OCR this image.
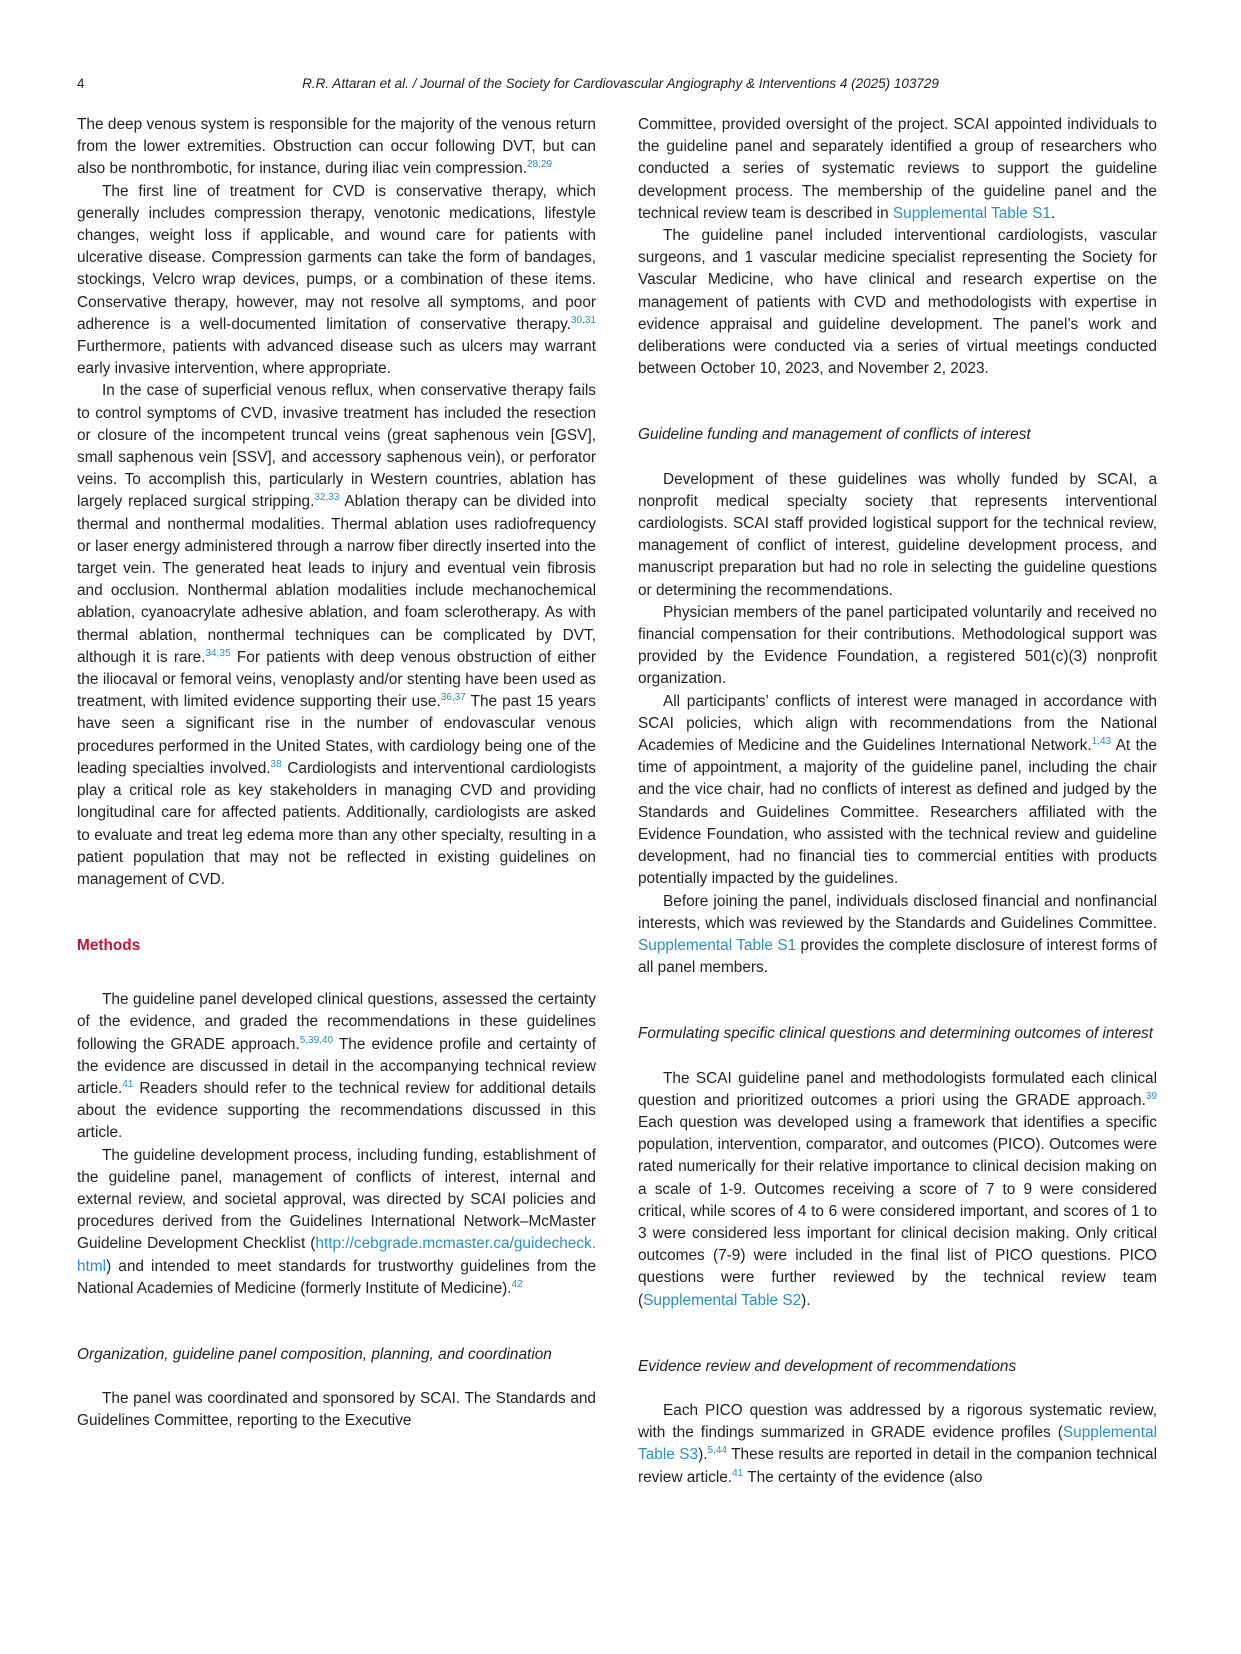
4	R.R. Attaran et al. / Journal of the Society for Cardiovascular Angiography & Interventions 4 (2025) 103729

The deep venous system is responsible for the majority of the venous return from the lower extremities. Obstruction can occur following DVT, but can also be nonthrombotic, for instance, during iliac vein compression.$^{28,29}$

The first line of treatment for CVD is conservative therapy, which generally includes compression therapy, venotonic medications, lifestyle changes, weight loss if applicable, and wound care for patients with ulcerative disease. Compression garments can take the form of bandages, stockings, Velcro wrap devices, pumps, or a combination of these items. Conservative therapy, however, may not resolve all symptoms, and poor adherence is a well-documented limitation of conservative therapy.$^{30,31}$ Furthermore, patients with advanced disease such as ulcers may warrant early invasive intervention, where appropriate.

In the case of superficial venous reflux, when conservative therapy fails to control symptoms of CVD, invasive treatment has included the resection or closure of the incompetent truncal veins (great saphenous vein [GSV], small saphenous vein [SSV], and accessory saphenous vein), or perforator veins. To accomplish this, particularly in Western countries, ablation has largely replaced surgical stripping.$^{32,33}$ Ablation therapy can be divided into thermal and nonthermal modalities. Thermal ablation uses radiofrequency or laser energy administered through a narrow fiber directly inserted into the target vein. The generated heat leads to injury and eventual vein fibrosis and occlusion. Nonthermal ablation modalities include mechanochemical ablation, cyanoacrylate adhesive ablation, and foam sclerotherapy. As with thermal ablation, nonthermal techniques can be complicated by DVT, although it is rare.$^{34,35}$ For patients with deep venous obstruction of either the iliocaval or femoral veins, venoplasty and/or stenting have been used as treatment, with limited evidence supporting their use.$^{36,37}$ The past 15 years have seen a significant rise in the number of endovascular venous procedures performed in the United States, with cardiology being one of the leading specialties involved.$^{38}$ Cardiologists and interventional cardiologists play a critical role as key stakeholders in managing CVD and providing longitudinal care for affected patients. Additionally, cardiologists are asked to evaluate and treat leg edema more than any other specialty, resulting in a patient population that may not be reflected in existing guidelines on management of CVD.

Methods

The guideline panel developed clinical questions, assessed the certainty of the evidence, and graded the recommendations in these guidelines following the GRADE approach.$^{5,39,40}$ The evidence profile and certainty of the evidence are discussed in detail in the accompanying technical review article.$^{41}$ Readers should refer to the technical review for additional details about the evidence supporting the recommendations discussed in this article.

The guideline development process, including funding, establishment of the guideline panel, management of conflicts of interest, internal and external review, and societal approval, was directed by SCAI policies and procedures derived from the Guidelines International Network–McMaster Guideline Development Checklist (http://cebgrade.mcmaster.ca/guidecheck.html) and intended to meet standards for trustworthy guidelines from the National Academies of Medicine (formerly Institute of Medicine).$^{42}$

Organization, guideline panel composition, planning, and coordination

The panel was coordinated and sponsored by SCAI. The Standards and Guidelines Committee, reporting to the Executive

Committee, provided oversight of the project. SCAI appointed individuals to the guideline panel and separately identified a group of researchers who conducted a series of systematic reviews to support the guideline development process. The membership of the guideline panel and the technical review team is described in Supplemental Table S1.

The guideline panel included interventional cardiologists, vascular surgeons, and 1 vascular medicine specialist representing the Society for Vascular Medicine, who have clinical and research expertise on the management of patients with CVD and methodologists with expertise in evidence appraisal and guideline development. The panel’s work and deliberations were conducted via a series of virtual meetings conducted between October 10, 2023, and November 2, 2023.

Guideline funding and management of conflicts of interest

Development of these guidelines was wholly funded by SCAI, a nonprofit medical specialty society that represents interventional cardiologists. SCAI staff provided logistical support for the technical review, management of conflict of interest, guideline development process, and manuscript preparation but had no role in selecting the guideline questions or determining the recommendations.

Physician members of the panel participated voluntarily and received no financial compensation for their contributions. Methodological support was provided by the Evidence Foundation, a registered 501(c)(3) nonprofit organization.

All participants’ conflicts of interest were managed in accordance with SCAI policies, which align with recommendations from the National Academies of Medicine and the Guidelines International Network.$^{1,43}$ At the time of appointment, a majority of the guideline panel, including the chair and the vice chair, had no conflicts of interest as defined and judged by the Standards and Guidelines Committee. Researchers affiliated with the Evidence Foundation, who assisted with the technical review and guideline development, had no financial ties to commercial entities with products potentially impacted by the guidelines.

Before joining the panel, individuals disclosed financial and nonfinancial interests, which was reviewed by the Standards and Guidelines Committee. Supplemental Table S1 provides the complete disclosure of interest forms of all panel members.

Formulating specific clinical questions and determining outcomes of interest

The SCAI guideline panel and methodologists formulated each clinical question and prioritized outcomes a priori using the GRADE approach.$^{39}$ Each question was developed using a framework that identifies a specific population, intervention, comparator, and outcomes (PICO). Outcomes were rated numerically for their relative importance to clinical decision making on a scale of 1-9. Outcomes receiving a score of 7 to 9 were considered critical, while scores of 4 to 6 were considered important, and scores of 1 to 3 were considered less important for clinical decision making. Only critical outcomes (7-9) were included in the final list of PICO questions. PICO questions were further reviewed by the technical review team (Supplemental Table S2).

Evidence review and development of recommendations

Each PICO question was addressed by a rigorous systematic review, with the findings summarized in GRADE evidence profiles (Supplemental Table S3).$^{5,44}$ These results are reported in detail in the companion technical review article.$^{41}$ The certainty of the evidence (also
